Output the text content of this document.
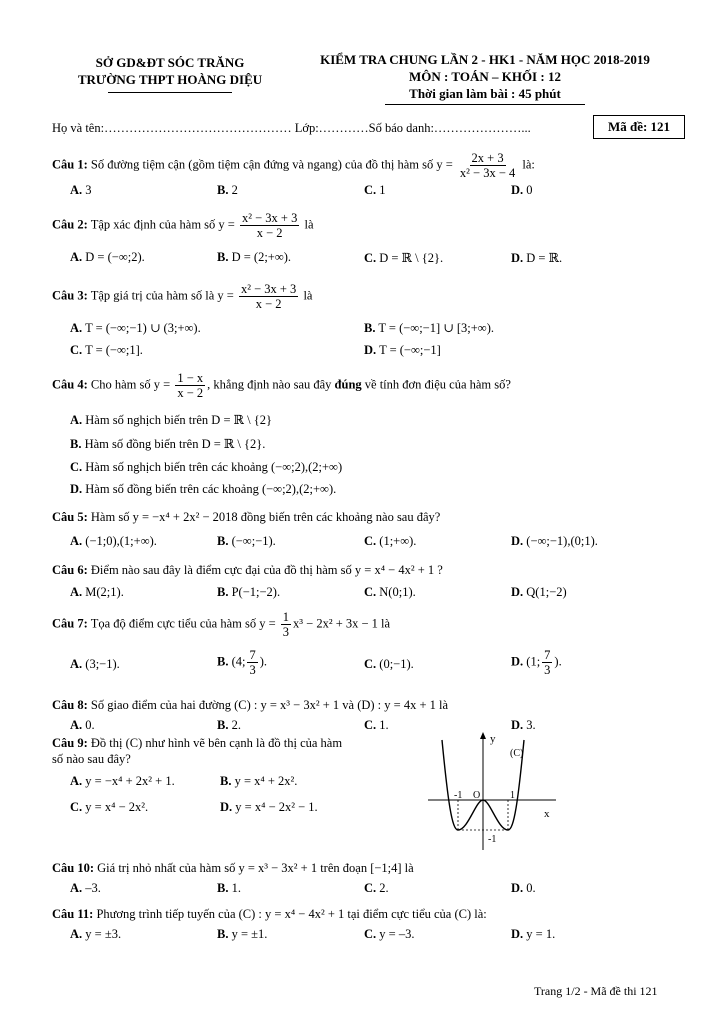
SỞ GD&ĐT SÓC TRĂNG
TRƯỜNG THPT HOÀNG DIỆU
KIỂM TRA CHUNG LẦN 2 - HK1 - NĂM HỌC 2018-2019
MÔN : TOÁN – KHỐI : 12
Thời gian làm bài : 45 phút
Họ và tên:……………………………………… Lớp:…………Số báo danh:…………………...	Mã đề: 121
Câu 1: Số đường tiệm cận (gồm tiệm cận đứng và ngang) của đồ thị hàm số $y = \frac{2x + 3}{\text{x² − 3x − 4}}$ là:
A. 3	B. 2	C. 1	D. 0
Câu 2: Tập xác định của hàm số $y = \frac{\text{x² − 3x + 3}}{x - 2}$ là
A. D = (−∞;2).	B. D = (2;+∞).	C. D = ℝ \ {2}.	D. D = ℝ.
Câu 3: Tập giá trị của hàm số là $y = \frac{\text{x² − 3x + 3}}{x - 2}$ là
A. T = (−∞;−1) ∪ (3;+∞).	B. T = (−∞;−1] ∪ [3;+∞).
C. T = (−∞;1].	D. T = (−∞;−1]
Câu 4: Cho hàm số $y = \frac{1 - x}{x - 2}$ , khẳng định nào sau đây đúng về tính đơn điệu của hàm số?
A. Hàm số nghịch biến trên D = ℝ \ {2}
B. Hàm số đồng biến trên D = ℝ \ {2}.
C. Hàm số nghịch biến trên các khoảng (−∞;2),(2;+∞)
D. Hàm số đồng biến trên các khoảng (−∞;2),(2;+∞).
Câu 5: Hàm số y = −x⁴ + 2x² − 2018 đồng biến trên các khoảng nào sau đây?
A. (−1;0),(1;+∞).	B. (−∞;−1).	C. (1;+∞).	D. (−∞;−1),(0;1).
Câu 6: Điểm nào sau đây là điểm cực đại của đồ thị hàm số y = x⁴ − 4x² + 1 ?
A. M(2;1).	B. P(−1;−2).	C. N(0;1).	D. Q(1;−2)
Câu 7: Tọa độ điểm cực tiểu của hàm số $y = \frac{1}{3} x^3 - 2x^2 + 3x - 1$ là
A. (3;−1).	B. (4; $\frac{7}{3}$ ).	C. (0;−1).	D. (1; $\frac{7}{3}$ ).
Câu 8: Số giao điểm của hai đường (C) : y = x³ − 3x² + 1 và (D) : y = 4x + 1 là
A. 0.	B. 2.	C. 1.	D. 3.
Câu 9: Đồ thị (C) như hình vẽ bên cạnh là đồ thị của hàm
số nào sau đây?
A. y = −x⁴ + 2x² + 1.	B. y = x⁴ + 2x².
C. y = x⁴ − 2x².	D. y = x⁴ − 2x² − 1.
y
(C)
x
O
-1	1
-1
Câu 10: Giá trị nhỏ nhất của hàm số y = x³ − 3x² + 1 trên đoạn [−1;4] là
A. –3.	B. 1.	C. 2.	D. 0.
Câu 11: Phương trình tiếp tuyến của (C) : y = x⁴ − 4x² + 1 tại điểm cực tiểu của (C) là:
A. y = ±3.	B. y = ±1.	C. y = –3.	D. y = 1.
Trang 1/2 - Mã đề thi 121
